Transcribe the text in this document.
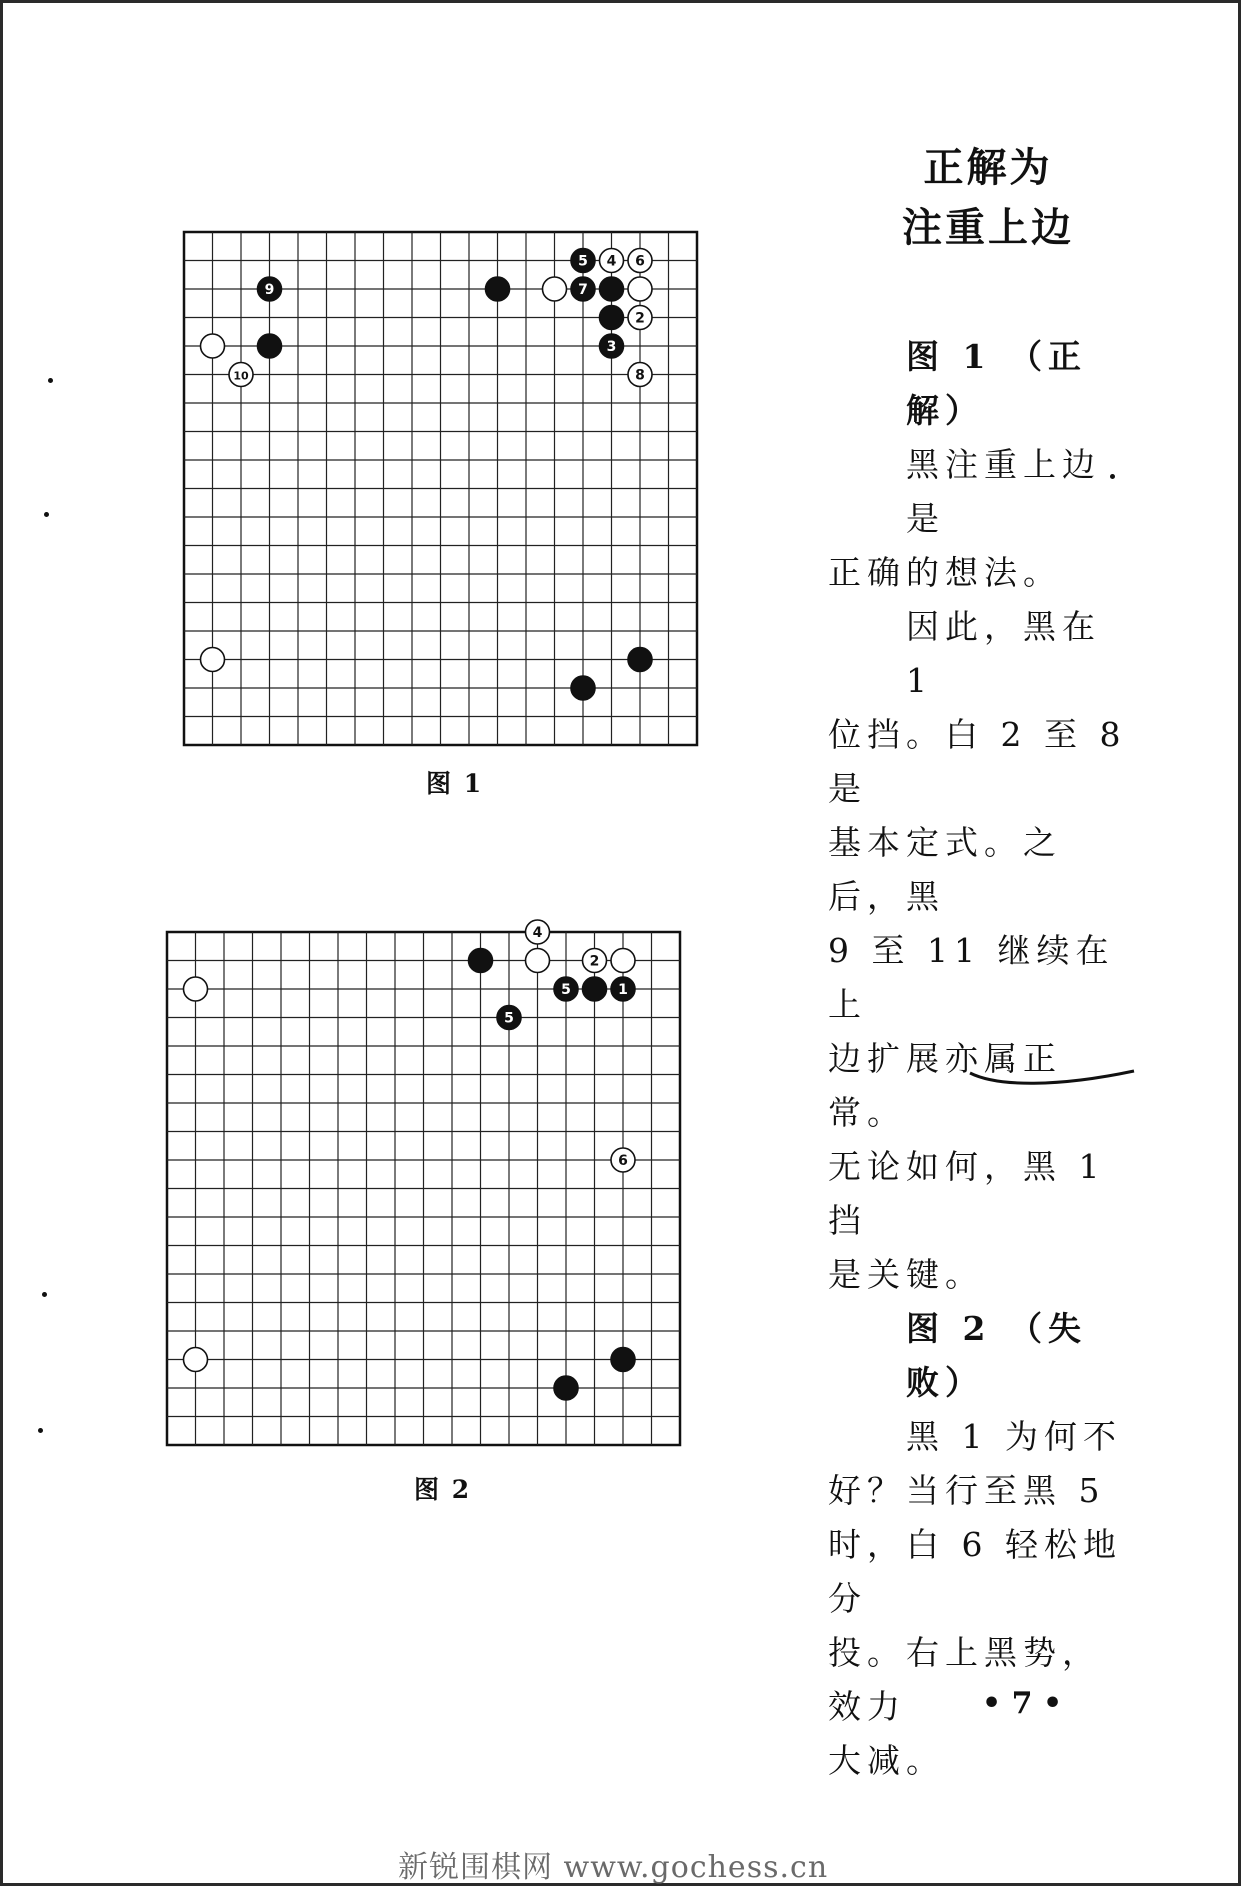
10
9
5
7
4
3
6
2
8
图 1
4
5
5
2
1
6
图 2
正解为
注重上边
图 1 （正解）
黑注重上边是
正确的想法。
因此，黑在 1
位挡。白 2 至 8 是
基本定式。之后，黑
9 至 11 继续在上
边扩展亦属正常。
无论如何，黑 1 挡
是关键。
图 2 （失败）
黑 1 为何不
好？当行至黑 5
时，白 6 轻松地分
投。右上黑势，效力
大减。
• 7 •
新锐围棋网 www.gochess.cn
